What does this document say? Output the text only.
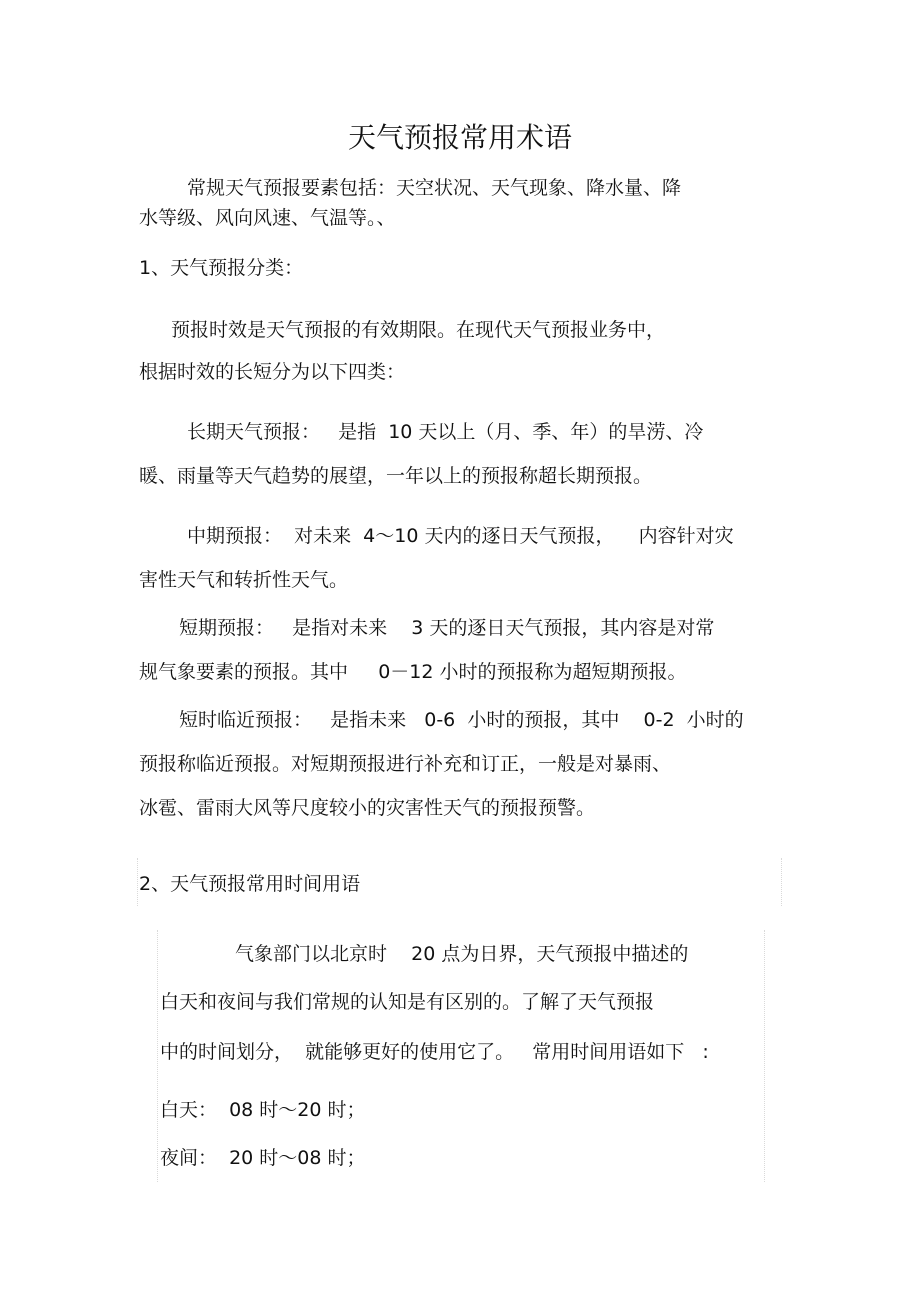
天气预报常用术语
常规天气预报要素包括：天空状况、天气现象、降水量、降
水等级、风向风速、气温等。、
1、天气预报分类：
预报时效是天气预报的有效期限。在现代天气预报业务中，
根据时效的长短分为以下四类：
长期天气预报：   是指  10 天以上（月、季、年）的旱涝、冷
暖、雨量等天气趋势的展望，一年以上的预报称超长期预报。
中期预报：  对未来  4～10 天内的逐日天气预报，    内容针对灾
害性天气和转折性天气。
短期预报：   是指对未来    3 天的逐日天气预报，其内容是对常
规气象要素的预报。其中     0－12 小时的预报称为超短期预报。
短时临近预报：   是指未来   0-6  小时的预报，其中    0-2  小时的
预报称临近预报。对短期预报进行补充和订正，一般是对暴雨、
冰雹、雷雨大风等尺度较小的灾害性天气的预报预警。
2、天气预报常用时间用语
气象部门以北京时    20 点为日界，天气预报中描述的
白天和夜间与我们常规的认知是有区别的。了解了天气预报
中的时间划分，  就能够更好的使用它了。   常用时间用语如下   :
白天：  08 时～20 时；
夜间：  20 时～08 时；
